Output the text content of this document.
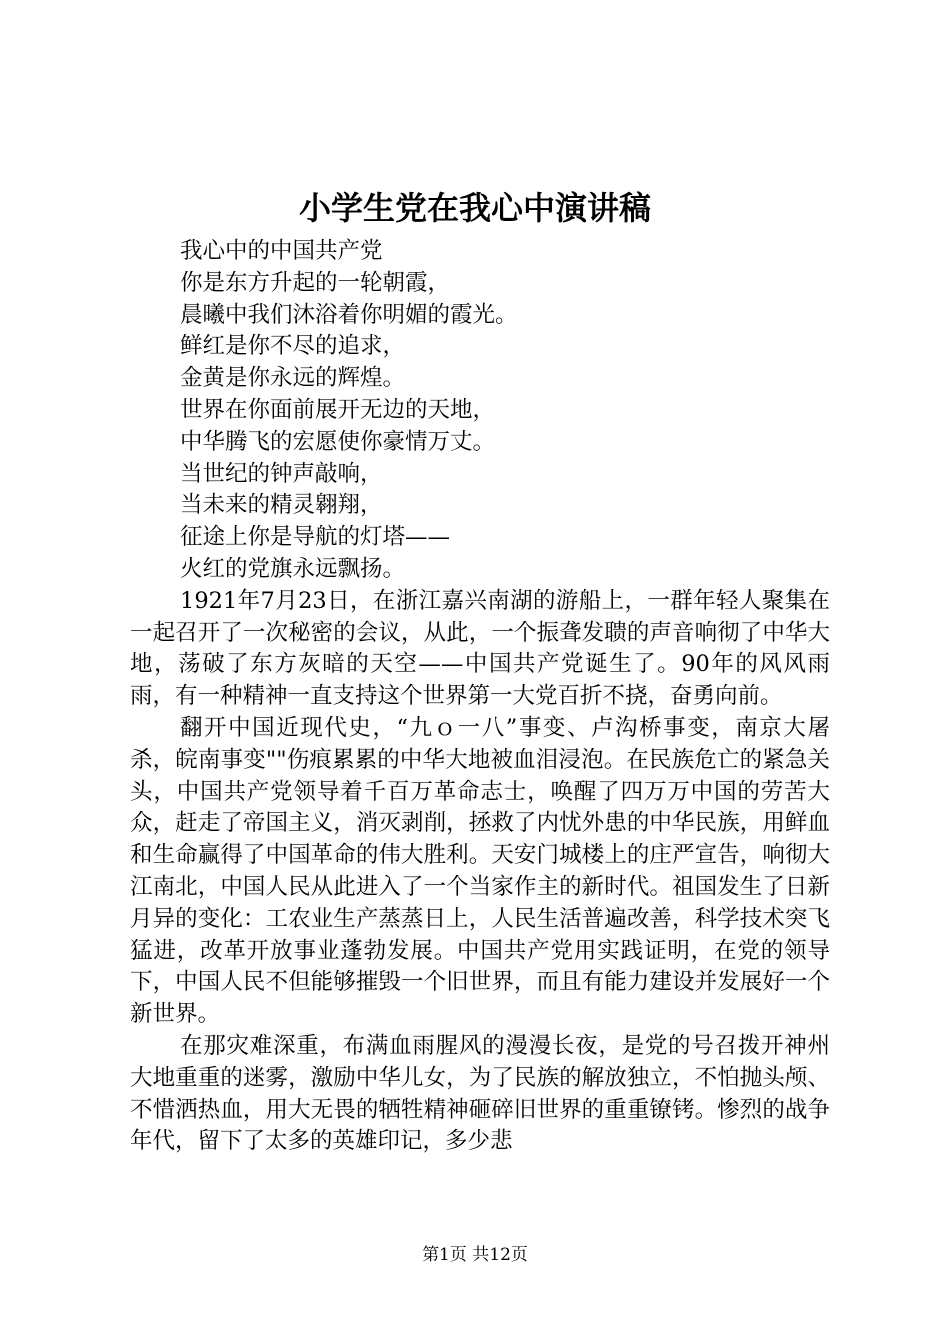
小学生党在我心中演讲稿
我心中的中国共产党
你是东方升起的一轮朝霞，
晨曦中我们沐浴着你明媚的霞光。
鲜红是你不尽的追求，
金黄是你永远的辉煌。
世界在你面前展开无边的天地，
中华腾飞的宏愿使你豪情万丈。
当世纪的钟声敲响，
当未来的精灵翱翔，
征途上你是导航的灯塔——
火红的党旗永远飘扬。

1921年7月23日，在浙江嘉兴南湖的游船上，一群年轻人聚集在一起召开了一次秘密的会议，从此，一个振聋发聩的声音响彻了中华大地，荡破了东方灰暗的天空——中国共产党诞生了。90年的风风雨雨，有一种精神一直支持这个世界第一大党百折不挠，奋勇向前。

翻开中国近现代史，“九ｏ一八”事变、卢沟桥事变，南京大屠杀，皖南事变""伤痕累累的中华大地被血泪浸泡。在民族危亡的紧急关头，中国共产党领导着千百万革命志士，唤醒了四万万中国的劳苦大众，赶走了帝国主义，消灭剥削，拯救了内忧外患的中华民族，用鲜血和生命赢得了中国革命的伟大胜利。天安门城楼上的庄严宣告，响彻大江南北，中国人民从此进入了一个当家作主的新时代。祖国发生了日新月异的变化：工农业生产蒸蒸日上，人民生活普遍改善，科学技术突飞猛进，改革开放事业蓬勃发展。中国共产党用实践证明，在党的领导下，中国人民不但能够摧毁一个旧世界，而且有能力建设并发展好一个新世界。

在那灾难深重，布满血雨腥风的漫漫长夜，是党的号召拨开神州大地重重的迷雾，激励中华儿女，为了民族的解放独立，不怕抛头颅、不惜洒热血，用大无畏的牺牲精神砸碎旧世界的重重镣铐。惨烈的战争年代，留下了太多的英雄印记，多少悲

第1页 共12页
